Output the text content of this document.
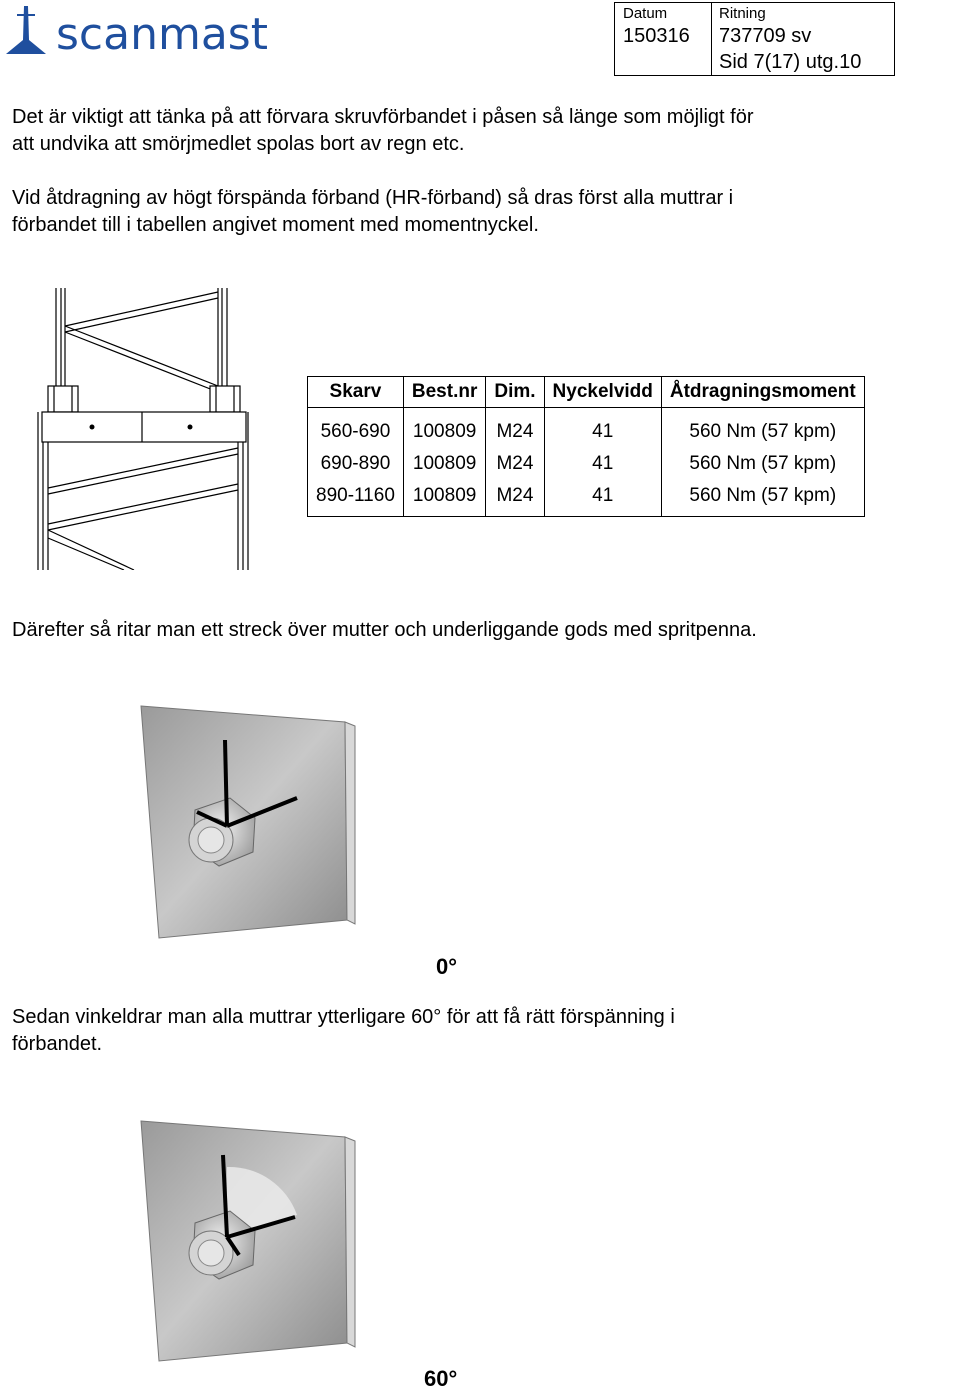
scanmast	Datum
150316
Ritning
737709 sv
Sid 7(17) utg.10
Det är viktigt att tänka på att förvara skruvförbandet i påsen så länge som möjligt för
att undvika att smörjmedlet spolas bort av regn etc.
Vid åtdragning av högt förspända förband (HR-förband) så dras först alla muttrar i
förbandet till i tabellen angivet moment med momentnyckel.
Skarv	Best.nr	Dim.	Nyckelvidd	Åtdragningsmoment
560-690	100809	M24	41	560 Nm (57 kpm)
690-890	100809	M24	41	560 Nm (57 kpm)
890-1160	100809	M24	41	560 Nm (57 kpm)
Därefter så ritar man ett streck över mutter och underliggande gods med spritpenna.
0°
Sedan vinkeldrar man alla muttrar ytterligare 60° för att få rätt förspänning i
förbandet.
60°
